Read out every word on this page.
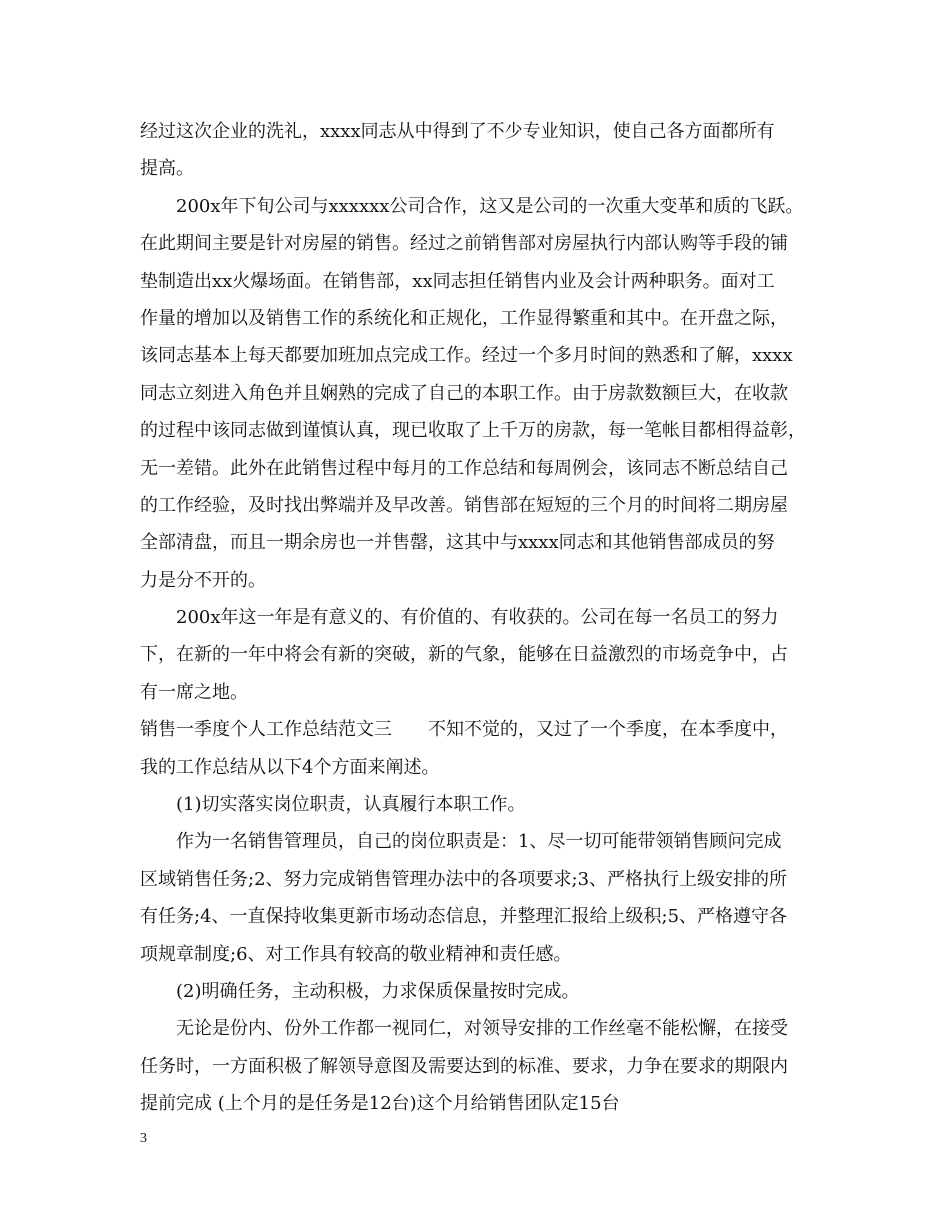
经过这次企业的洗礼，xxxx同志从中得到了不少专业知识，使自己各方面都所有
提高。
200x年下旬公司与xxxxxx公司合作，这又是公司的一次重大变革和质的飞跃。
在此期间主要是针对房屋的销售。经过之前销售部对房屋执行内部认购等手段的铺
垫制造出xx火爆场面。在销售部，xx同志担任销售内业及会计两种职务。面对工
作量的增加以及销售工作的系统化和正规化，工作显得繁重和其中。在开盘之际，
该同志基本上每天都要加班加点完成工作。经过一个多月时间的熟悉和了解，xxxx
同志立刻进入角色并且娴熟的完成了自己的本职工作。由于房款数额巨大，在收款
的过程中该同志做到谨慎认真，现已收取了上千万的房款，每一笔帐目都相得益彰，
无一差错。此外在此销售过程中每月的工作总结和每周例会，该同志不断总结自己
的工作经验，及时找出弊端并及早改善。销售部在短短的三个月的时间将二期房屋
全部清盘，而且一期余房也一并售罄，这其中与xxxx同志和其他销售部成员的努
力是分不开的。
200x年这一年是有意义的、有价值的、有收获的。公司在每一名员工的努力
下，在新的一年中将会有新的突破，新的气象，能够在日益激烈的市场竞争中，占
有一席之地。
销售一季度个人工作总结范文三　　不知不觉的，又过了一个季度，在本季度中，
我的工作总结从以下4个方面来阐述。
(1)切实落实岗位职责，认真履行本职工作。
作为一名销售管理员，自己的岗位职责是：1、尽一切可能带领销售顾问完成
区域销售任务;2、努力完成销售管理办法中的各项要求;3、严格执行上级安排的所
有任务;4、一直保持收集更新市场动态信息，并整理汇报给上级积;5、严格遵守各
项规章制度;6、对工作具有较高的敬业精神和责任感。
(2)明确任务，主动积极，力求保质保量按时完成。
无论是份内、份外工作都一视同仁，对领导安排的工作丝毫不能松懈，在接受
任务时，一方面积极了解领导意图及需要达到的标准、要求，力争在要求的期限内
提前完成 (上个月的是任务是12台)这个月给销售团队定15台
3
